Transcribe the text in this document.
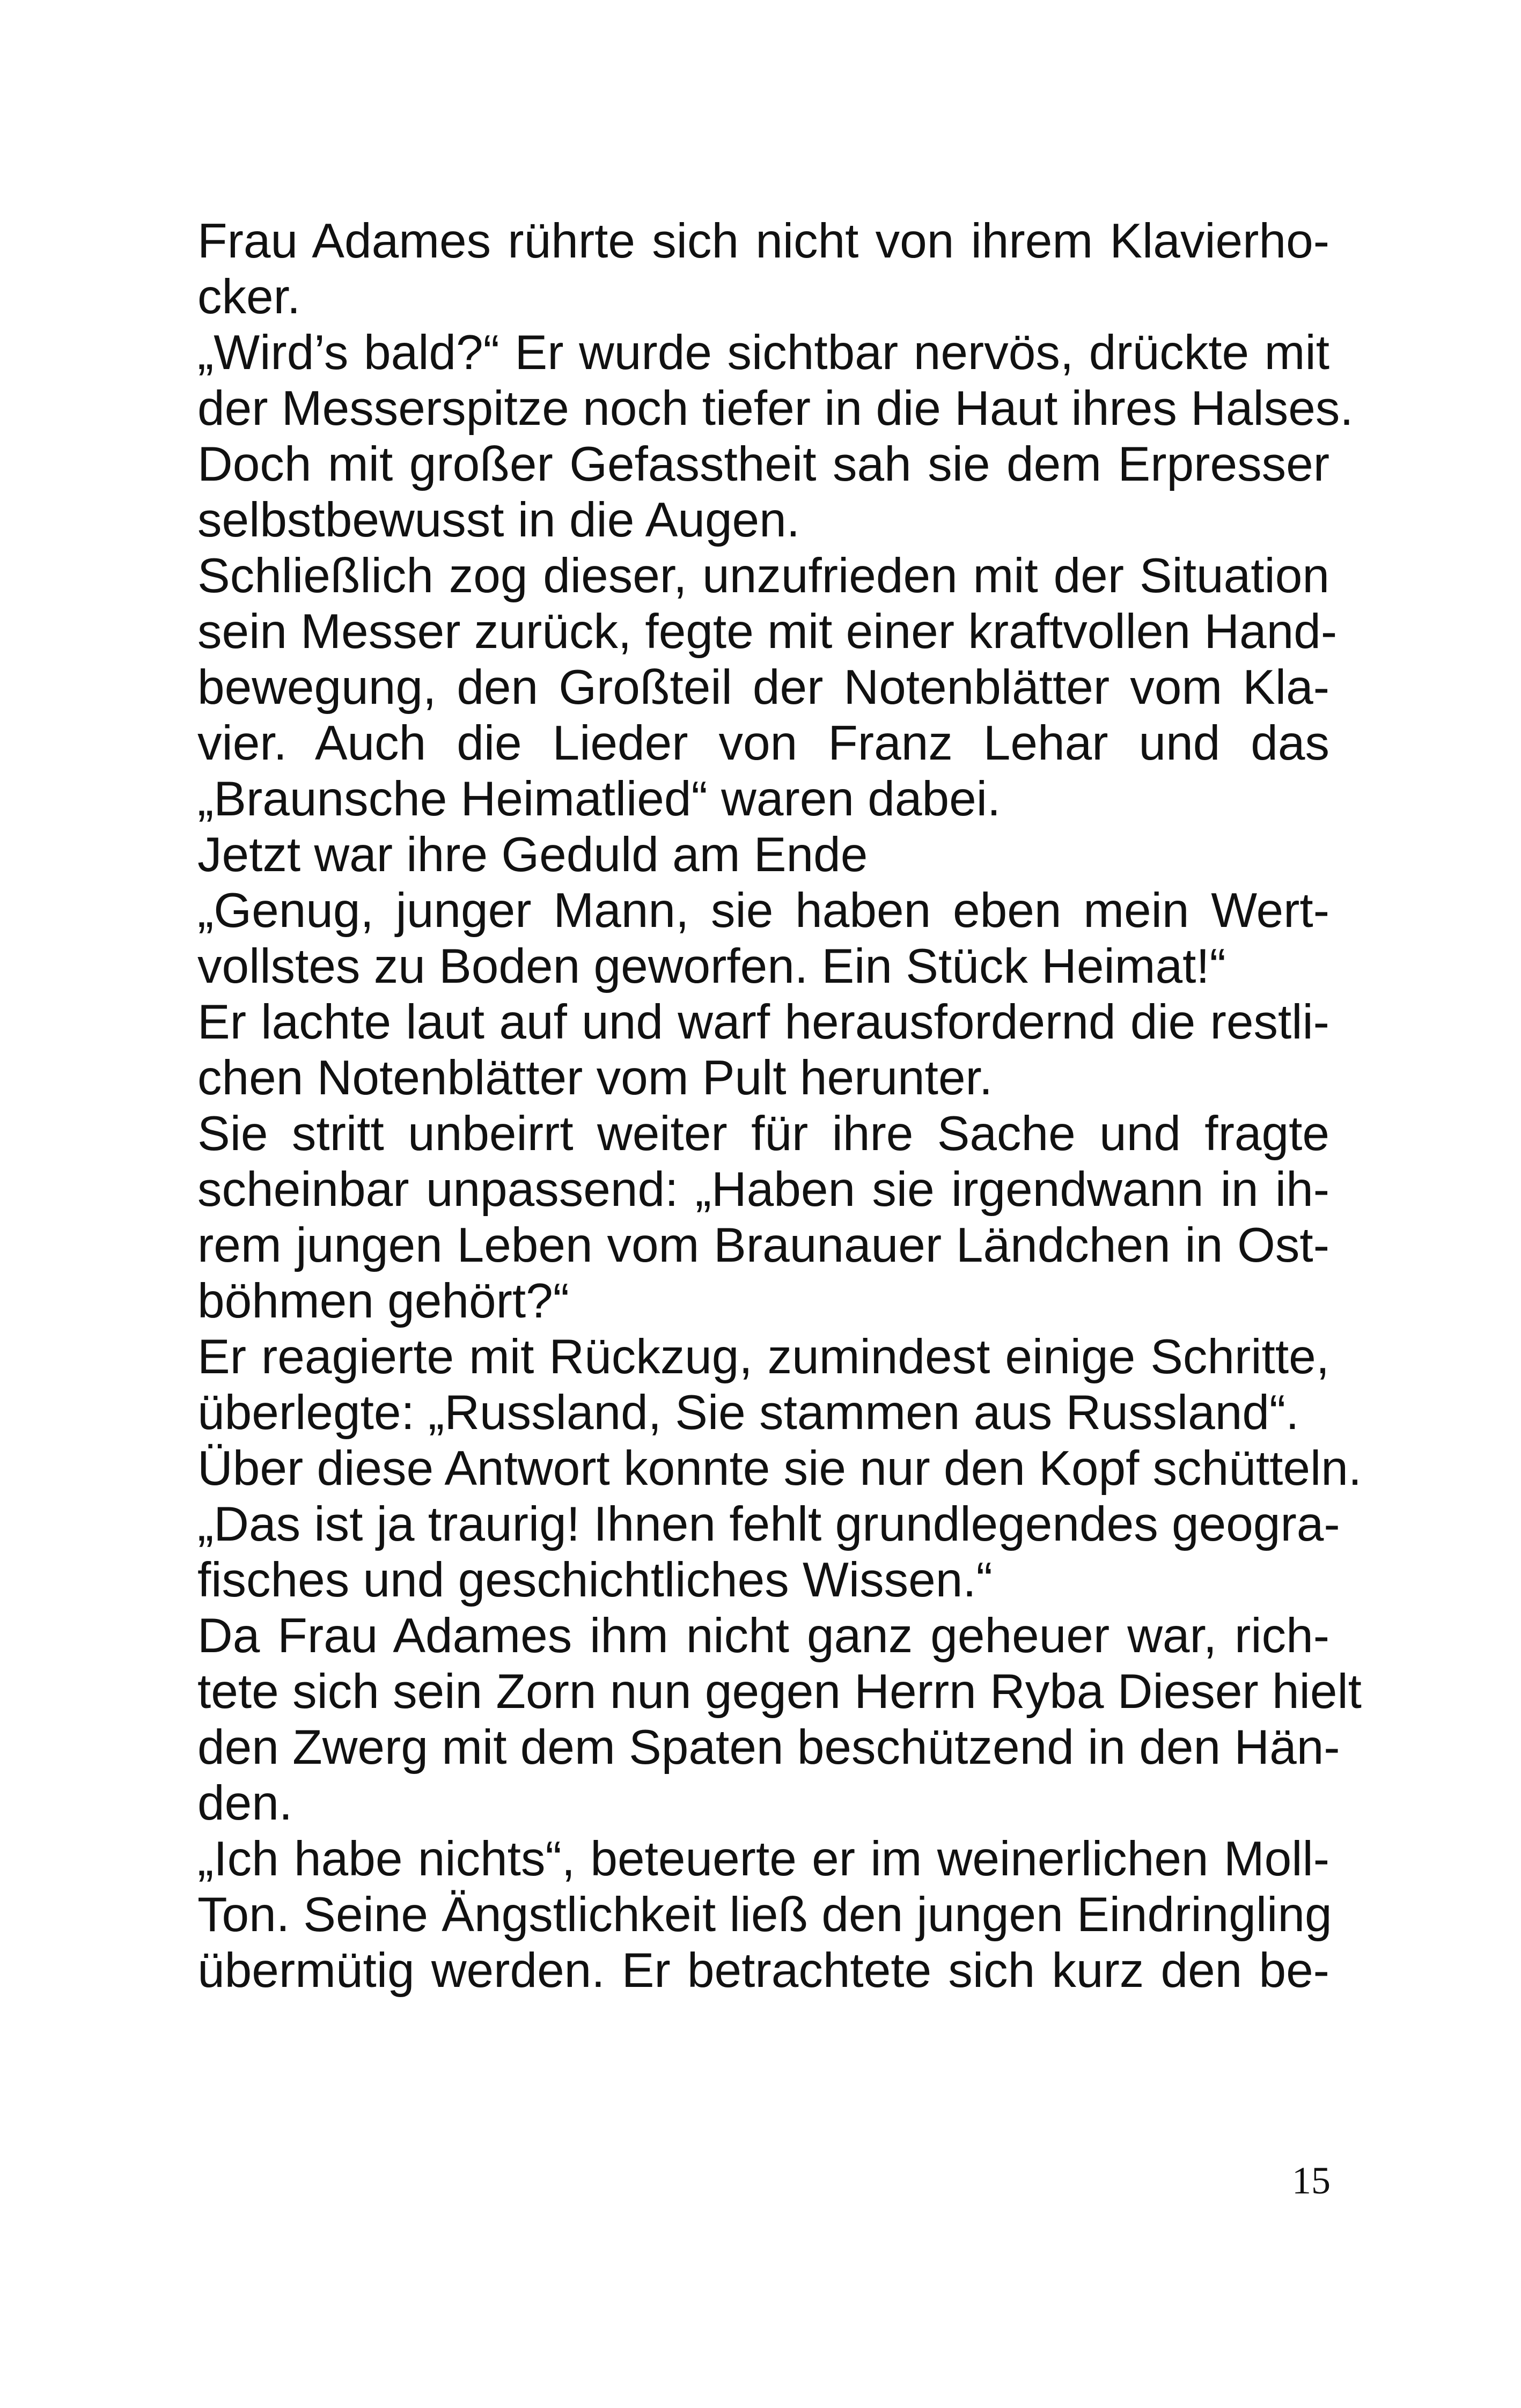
Frau Adames rührte sich nicht von ihrem Klavierho-
cker.
„Wird’s bald?“ Er wurde sichtbar nervös, drückte mit
der Messerspitze noch tiefer in die Haut ihres Halses.
Doch mit großer Gefasstheit sah sie dem Erpresser
selbstbewusst in die Augen.
Schließlich zog dieser, unzufrieden mit der Situation
sein Messer zurück, fegte mit einer kraftvollen Hand-
bewegung, den Großteil der Notenblätter vom Kla-
vier. Auch die Lieder von Franz Lehar und das
„Braunsche Heimatlied“ waren dabei.
Jetzt war ihre Geduld am Ende
„Genug, junger Mann, sie haben eben mein Wert-
vollstes zu Boden geworfen. Ein Stück Heimat!“
Er lachte laut auf und warf herausfordernd die restli-
chen Notenblätter vom Pult herunter.
Sie stritt unbeirrt weiter für ihre Sache und fragte
scheinbar unpassend: „Haben sie irgendwann in ih-
rem jungen Leben vom Braunauer Ländchen in Ost-
böhmen gehört?“
Er reagierte mit Rückzug, zumindest einige Schritte,
überlegte: „Russland, Sie stammen aus Russland“.
Über diese Antwort konnte sie nur den Kopf schütteln.
„Das ist ja traurig! Ihnen fehlt grundlegendes geogra-
fisches und geschichtliches Wissen.“
Da Frau Adames ihm nicht ganz geheuer war, rich-
tete sich sein Zorn nun gegen Herrn Ryba Dieser hielt
den Zwerg mit dem Spaten beschützend in den Hän-
den.
„Ich habe nichts“, beteuerte er im weinerlichen Moll-
Ton. Seine Ängstlichkeit ließ den jungen Eindringling
übermütig werden. Er betrachtete sich kurz den be-
15
